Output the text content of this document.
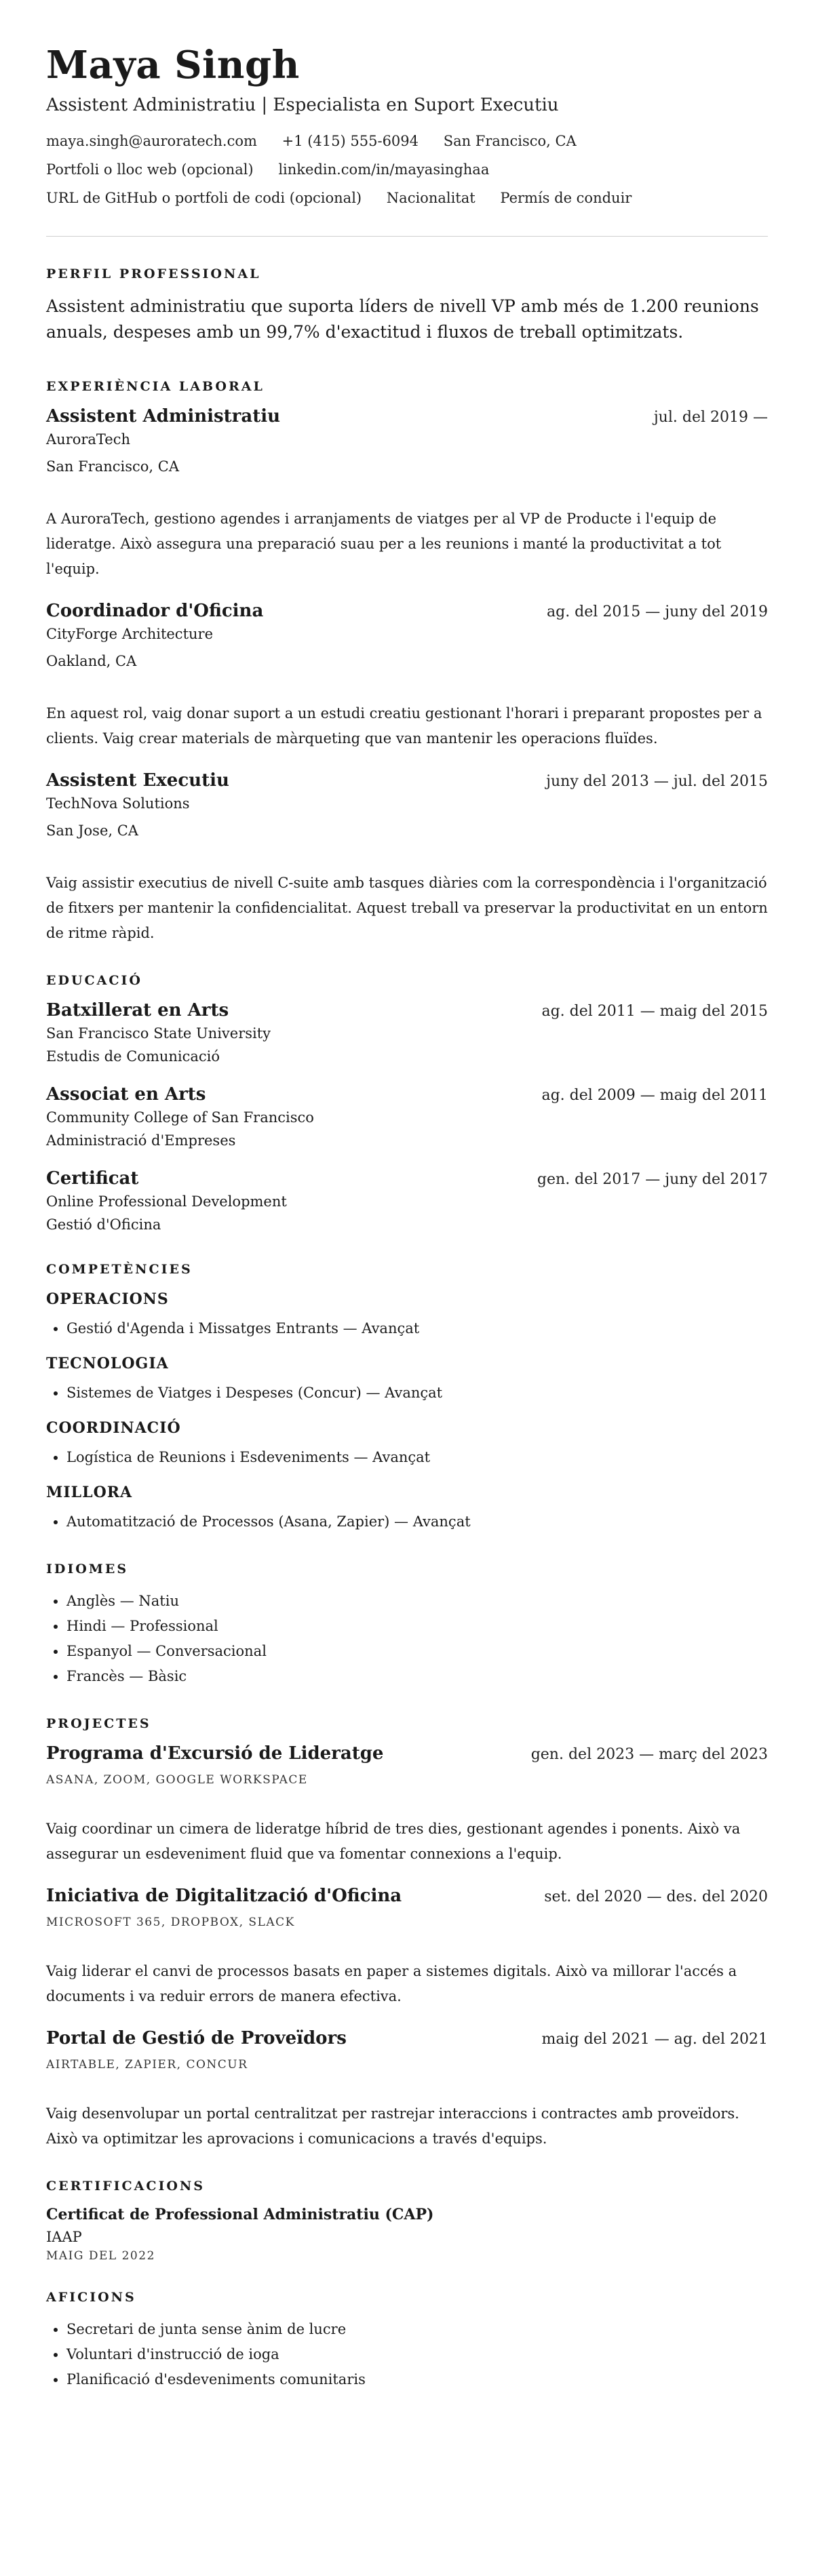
Maya Singh
Assistent Administratiu | Especialista en Suport Executiu
maya.singh@auroratech.com +1 (415) 555-6094 San Francisco, CA
Portfoli o lloc web (opcional) linkedin.com/in/mayasinghaa
URL de GitHub o portfoli de codi (opcional) Nacionalitat Permís de conduir
PERFIL PROFESSIONAL
Assistent administratiu que suporta líders de nivell VP amb més de 1.200 reunions anuals, despeses amb un 99,7% d'exactitud i fluxos de treball optimitzats.
EXPERIÈNCIA LABORAL
Assistent Administratiu	jul. del 2019 —
AuroraTech
San Francisco, CA
A AuroraTech, gestiono agendes i arranjaments de viatges per al VP de Producte i l'equip de lideratge. Això assegura una preparació suau per a les reunions i manté la productivitat a tot l'equip.
Coordinador d'Oficina	ag. del 2015 — juny del 2019
CityForge Architecture
Oakland, CA
En aquest rol, vaig donar suport a un estudi creatiu gestionant l'horari i preparant propostes per a clients. Vaig crear materials de màrqueting que van mantenir les operacions fluïdes.
Assistent Executiu	juny del 2013 — jul. del 2015
TechNova Solutions
San Jose, CA
Vaig assistir executius de nivell C-suite amb tasques diàries com la correspondència i l'organització de fitxers per mantenir la confidencialitat. Aquest treball va preservar la productivitat en un entorn de ritme ràpid.
EDUCACIÓ
Batxillerat en Arts	ag. del 2011 — maig del 2015
San Francisco State University
Estudis de Comunicació
Associat en Arts	ag. del 2009 — maig del 2011
Community College of San Francisco
Administració d'Empreses
Certificat	gen. del 2017 — juny del 2017
Online Professional Development
Gestió d'Oficina
COMPETÈNCIES
OPERACIONS
• Gestió d'Agenda i Missatges Entrants — Avançat
TECNOLOGIA
• Sistemes de Viatges i Despeses (Concur) — Avançat
COORDINACIÓ
• Logística de Reunions i Esdeveniments — Avançat
MILLORA
• Automatització de Processos (Asana, Zapier) — Avançat
IDIOMES
• Anglès — Natiu
• Hindi — Professional
• Espanyol — Conversacional
• Francès — Bàsic
PROJECTES
Programa d'Excursió de Lideratge	gen. del 2023 — març del 2023
ASANA, ZOOM, GOOGLE WORKSPACE
Vaig coordinar un cimera de lideratge híbrid de tres dies, gestionant agendes i ponents. Això va assegurar un esdeveniment fluid que va fomentar connexions a l'equip.
Iniciativa de Digitalització d'Oficina	set. del 2020 — des. del 2020
MICROSOFT 365, DROPBOX, SLACK
Vaig liderar el canvi de processos basats en paper a sistemes digitals. Això va millorar l'accés a documents i va reduir errors de manera efectiva.
Portal de Gestió de Proveïdors	maig del 2021 — ag. del 2021
AIRTABLE, ZAPIER, CONCUR
Vaig desenvolupar un portal centralitzat per rastrejar interaccions i contractes amb proveïdors. Això va optimitzar les aprovacions i comunicacions a través d'equips.
CERTIFICACIONS
Certificat de Professional Administratiu (CAP)
IAAP
MAIG DEL 2022
AFICIONS
• Secretari de junta sense ànim de lucre
• Voluntari d'instrucció de ioga
• Planificació d'esdeveniments comunitaris
